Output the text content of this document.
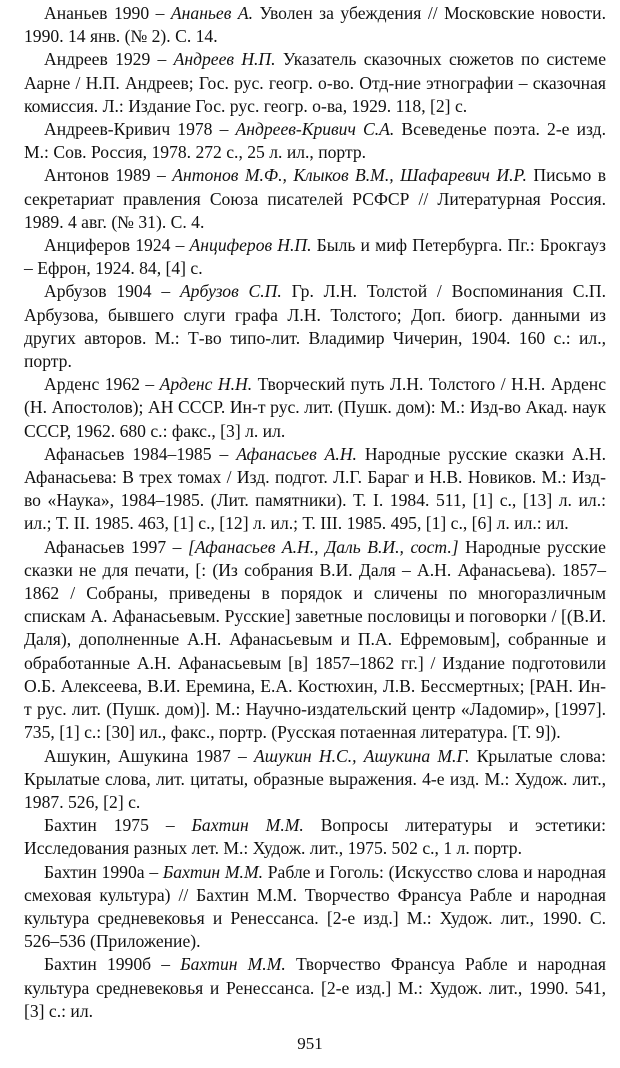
Ананьев 1990 – Ананьев А. Уволен за убеждения // Московские новости. 1990. 14 янв. (№ 2). С. 14.

Андреев 1929 – Андреев Н.П. Указатель сказочных сюжетов по системе Аарне / Н.П. Андреев; Гос. рус. геогр. о-во. Отд-ние этнографии – сказочная комиссия. Л.: Издание Гос. рус. геогр. о-ва, 1929. 118, [2] с.

Андреев-Кривич 1978 – Андреев-Кривич С.А. Всеведенье поэта. 2-е изд. М.: Сов. Россия, 1978. 272 с., 25 л. ил., портр.

Антонов 1989 – Антонов М.Ф., Клыков В.М., Шафаревич И.Р. Письмо в секретариат правления Союза писателей РСФСР // Литературная Россия. 1989. 4 авг. (№ 31). С. 4.

Анциферов 1924 – Анциферов Н.П. Быль и миф Петербурга. Пг.: Брокгауз – Ефрон, 1924. 84, [4] с.

Арбузов 1904 – Арбузов С.П. Гр. Л.Н. Толстой / Воспоминания С.П. Арбузова, бывшего слуги графа Л.Н. Толстого; Доп. биогр. данными из других авторов. М.: Т-во типо-лит. Владимир Чичерин, 1904. 160 с.: ил., портр.

Арденс 1962 – Арденс Н.Н. Творческий путь Л.Н. Толстого / Н.Н. Арденс (Н. Апостолов); АН СССР. Ин-т рус. лит. (Пушк. дом): М.: Изд-во Акад. наук СССР, 1962. 680 с.: факс., [3] л. ил.

Афанасьев 1984–1985 – Афанасьев А.Н. Народные русские сказки А.Н. Афанасьева: В трех томах / Изд. подгот. Л.Г. Бараг и Н.В. Новиков. М.: Изд-во «Наука», 1984–1985. (Лит. памятники). Т. I. 1984. 511, [1] с., [13] л. ил.: ил.; Т. II. 1985. 463, [1] с., [12] л. ил.; Т. III. 1985. 495, [1] с., [6] л. ил.: ил.

Афанасьев 1997 – [Афанасьев А.Н., Даль В.И., сост.] Народные русские сказки не для печати, [: (Из собрания В.И. Даля – А.Н. Афанасьева). 1857–1862 / Собраны, приведены в порядок и сличены по многоразличным спискам А. Афанасьевым. Русские] заветные пословицы и поговорки / [(В.И. Даля), дополненные А.Н. Афанасьевым и П.А. Ефремовым], собранные и обработанные А.Н. Афанасьевым [в] 1857–1862 гг.] / Издание подготовили О.Б. Алексеева, В.И. Еремина, Е.А. Костюхин, Л.В. Бессмертных; [РАН. Ин-т рус. лит. (Пушк. дом)]. М.: Научно-издательский центр «Ладомир», [1997]. 735, [1] с.: [30] ил., факс., портр. (Русская потаенная литература. [Т. 9]).

Ашукин, Ашукина 1987 – Ашукин Н.С., Ашукина М.Г. Крылатые слова: Крылатые слова, лит. цитаты, образные выражения. 4-е изд. М.: Худож. лит., 1987. 526, [2] с.

Бахтин 1975 – Бахтин М.М. Вопросы литературы и эстетики: Исследования разных лет. М.: Худож. лит., 1975. 502 с., 1 л. портр.

Бахтин 1990а – Бахтин М.М. Рабле и Гоголь: (Искусство слова и народная смеховая культура) // Бахтин М.М. Творчество Франсуа Рабле и народная культура средневековья и Ренессанса. [2-е изд.] М.: Худож. лит., 1990. С. 526–536 (Приложение).

Бахтин 1990б – Бахтин М.М. Творчество Франсуа Рабле и народная культура средневековья и Ренессанса. [2-е изд.] М.: Худож. лит., 1990. 541, [3] с.: ил.

951
